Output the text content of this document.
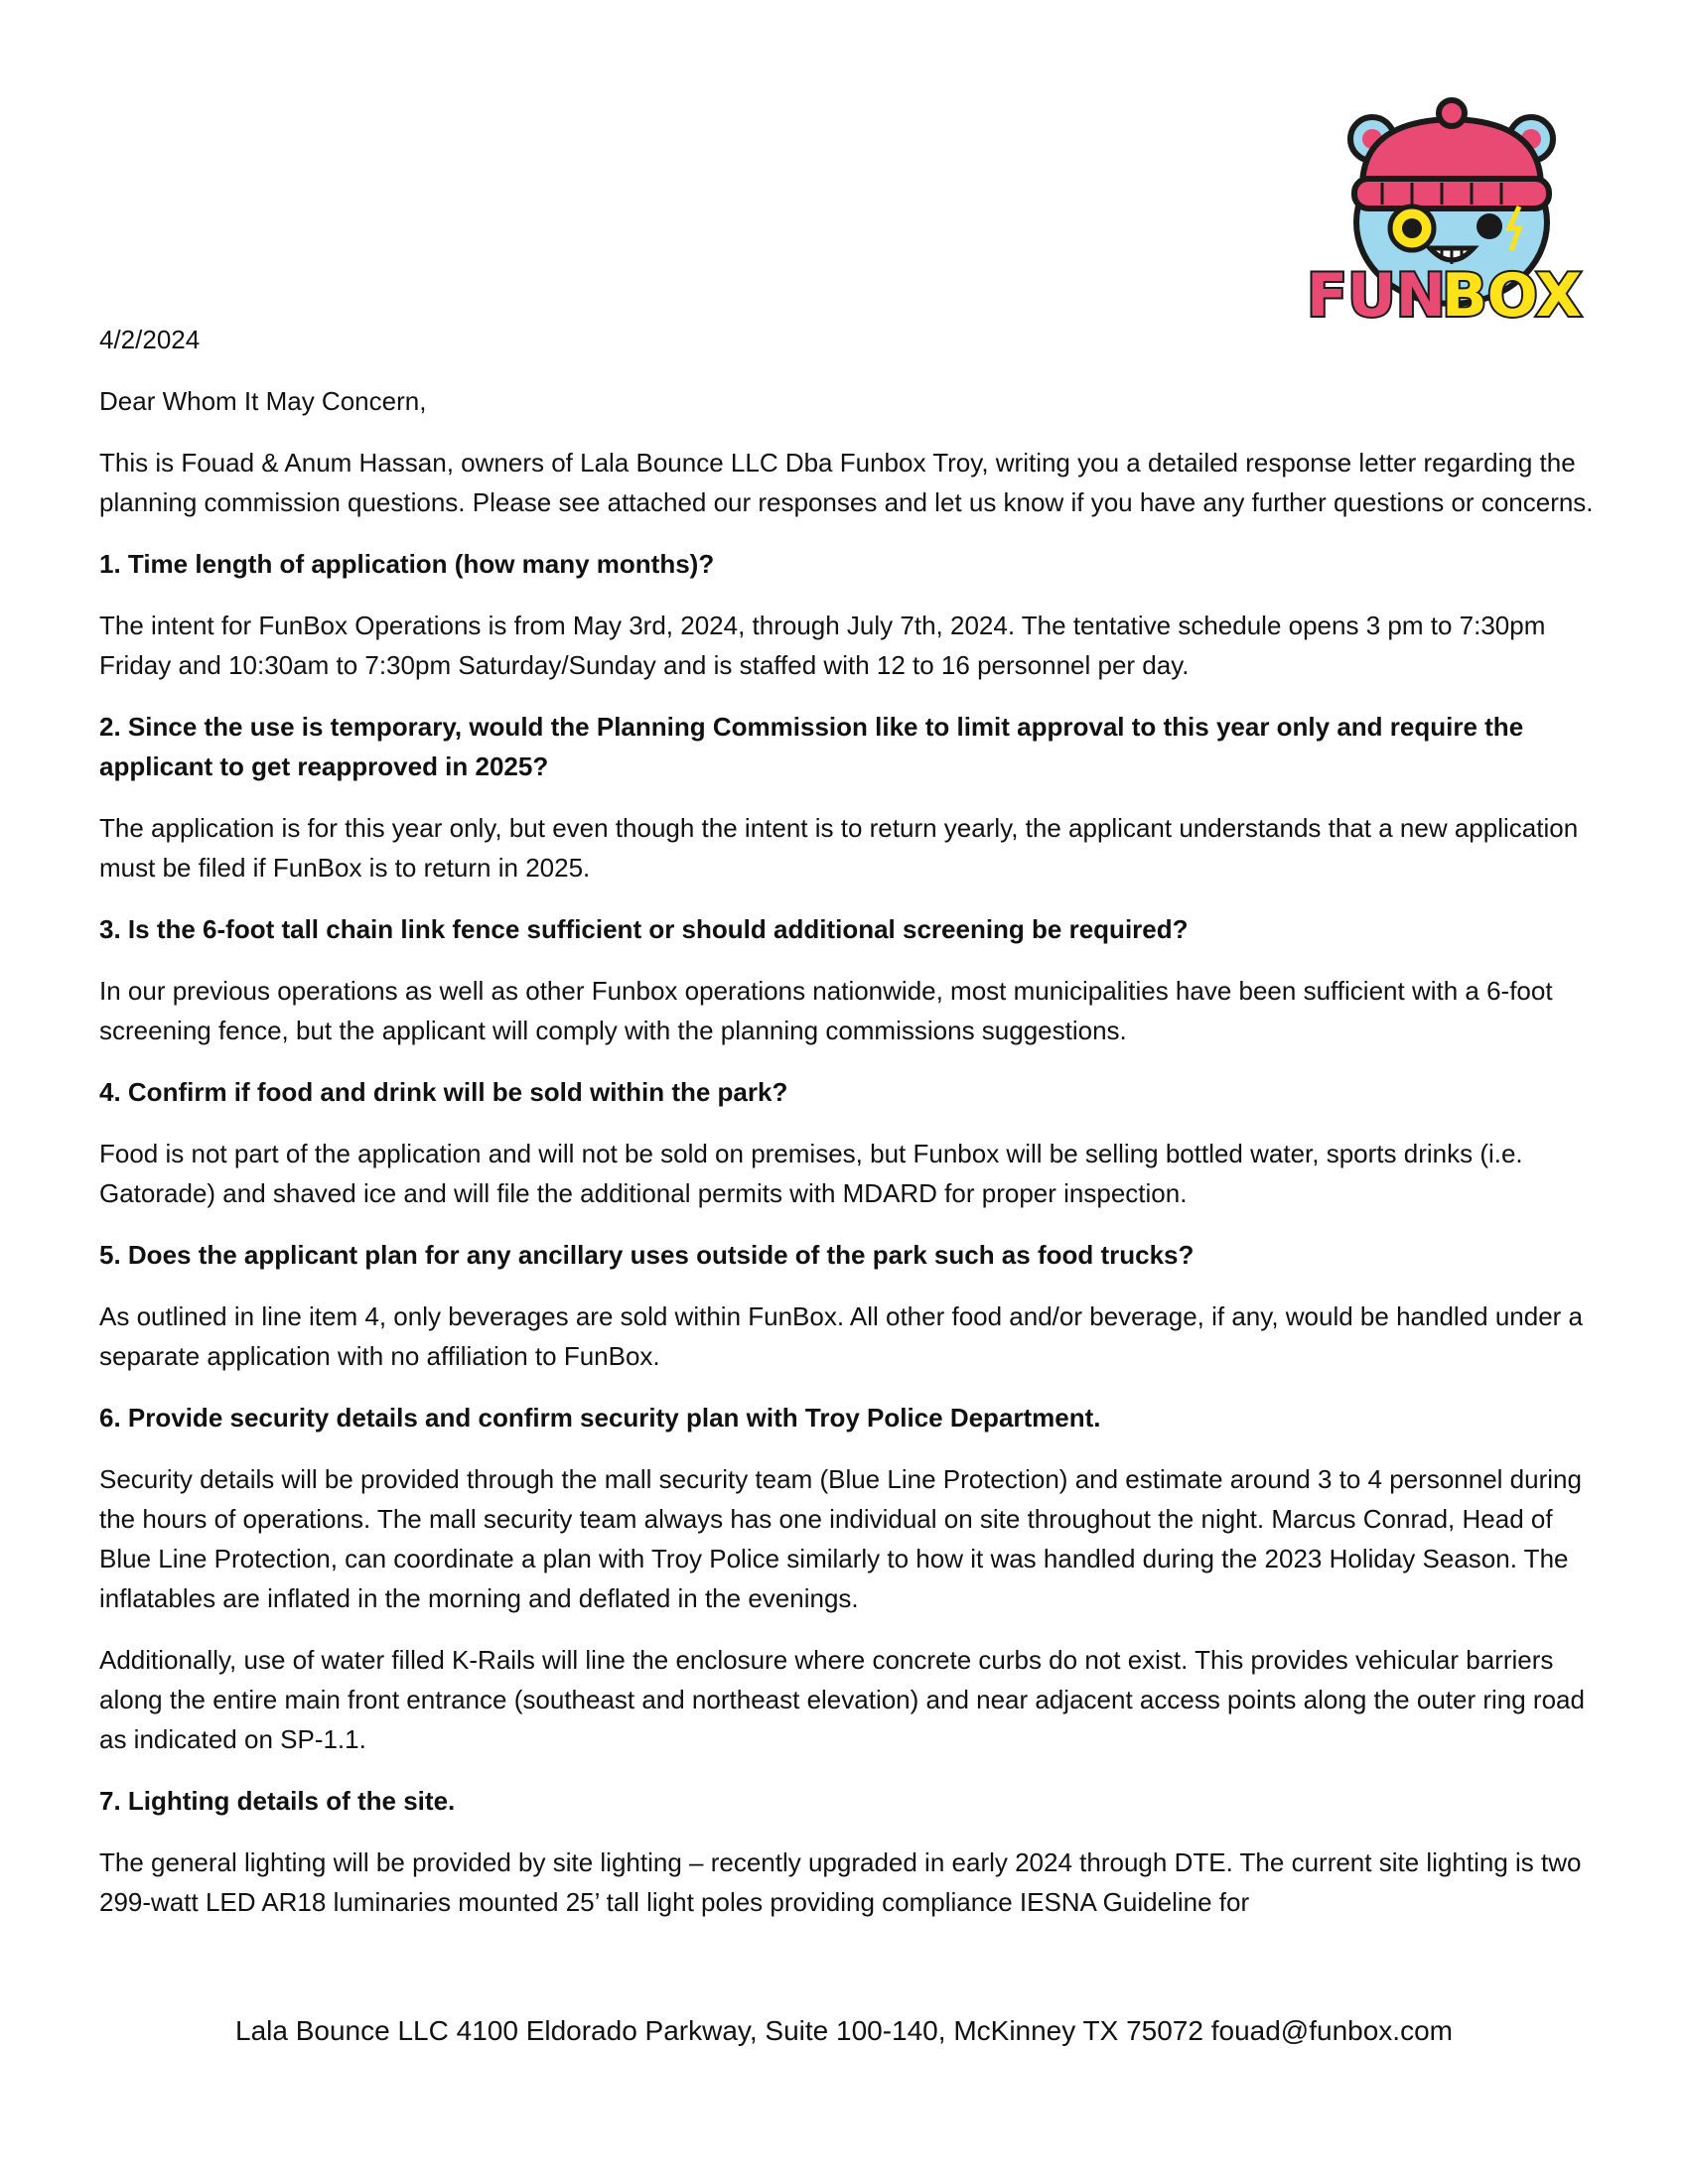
FUN
BOX
4/2/2024
Dear Whom It May Concern,
This is Fouad & Anum Hassan, owners of Lala Bounce LLC Dba Funbox Troy, writing you a detailed response letter regarding the planning commission questions. Please see attached our responses and let us know if you have any further questions or concerns.
1. Time length of application (how many months)?
The intent for FunBox Operations is from May 3rd, 2024, through July 7th, 2024. The tentative schedule opens 3 pm to 7:30pm Friday and 10:30am to 7:30pm Saturday/Sunday and is staffed with 12 to 16 personnel per day.
2. Since the use is temporary, would the Planning Commission like to limit approval to this year only and require the applicant to get reapproved in 2025?
The application is for this year only, but even though the intent is to return yearly, the applicant understands that a new application must be filed if FunBox is to return in 2025.
3. Is the 6-foot tall chain link fence sufficient or should additional screening be required?
In our previous operations as well as other Funbox operations nationwide, most municipalities have been sufficient with a 6-foot screening fence, but the applicant will comply with the planning commissions suggestions.
4. Confirm if food and drink will be sold within the park?
Food is not part of the application and will not be sold on premises, but Funbox will be selling bottled water, sports drinks (i.e. Gatorade) and shaved ice and will file the additional permits with MDARD for proper inspection.
5. Does the applicant plan for any ancillary uses outside of the park such as food trucks?
As outlined in line item 4, only beverages are sold within FunBox. All other food and/or beverage, if any, would be handled under a separate application with no affiliation to FunBox.
6. Provide security details and confirm security plan with Troy Police Department.
Security details will be provided through the mall security team (Blue Line Protection) and estimate around 3 to 4 personnel during the hours of operations. The mall security team always has one individual on site throughout the night. Marcus Conrad, Head of Blue Line Protection, can coordinate a plan with Troy Police similarly to how it was handled during the 2023 Holiday Season. The inflatables are inflated in the morning and deflated in the evenings.
Additionally, use of water filled K-Rails will line the enclosure where concrete curbs do not exist. This provides vehicular barriers along the entire main front entrance (southeast and northeast elevation) and near adjacent access points along the outer ring road as indicated on SP-1.1.
7. Lighting details of the site.
The general lighting will be provided by site lighting – recently upgraded in early 2024 through DTE. The current site lighting is two 299-watt LED AR18 luminaries mounted 25’ tall light poles providing compliance IESNA Guideline for
Lala Bounce LLC 4100 Eldorado Parkway, Suite 100-140, McKinney TX 75072 fouad@funbox.com
